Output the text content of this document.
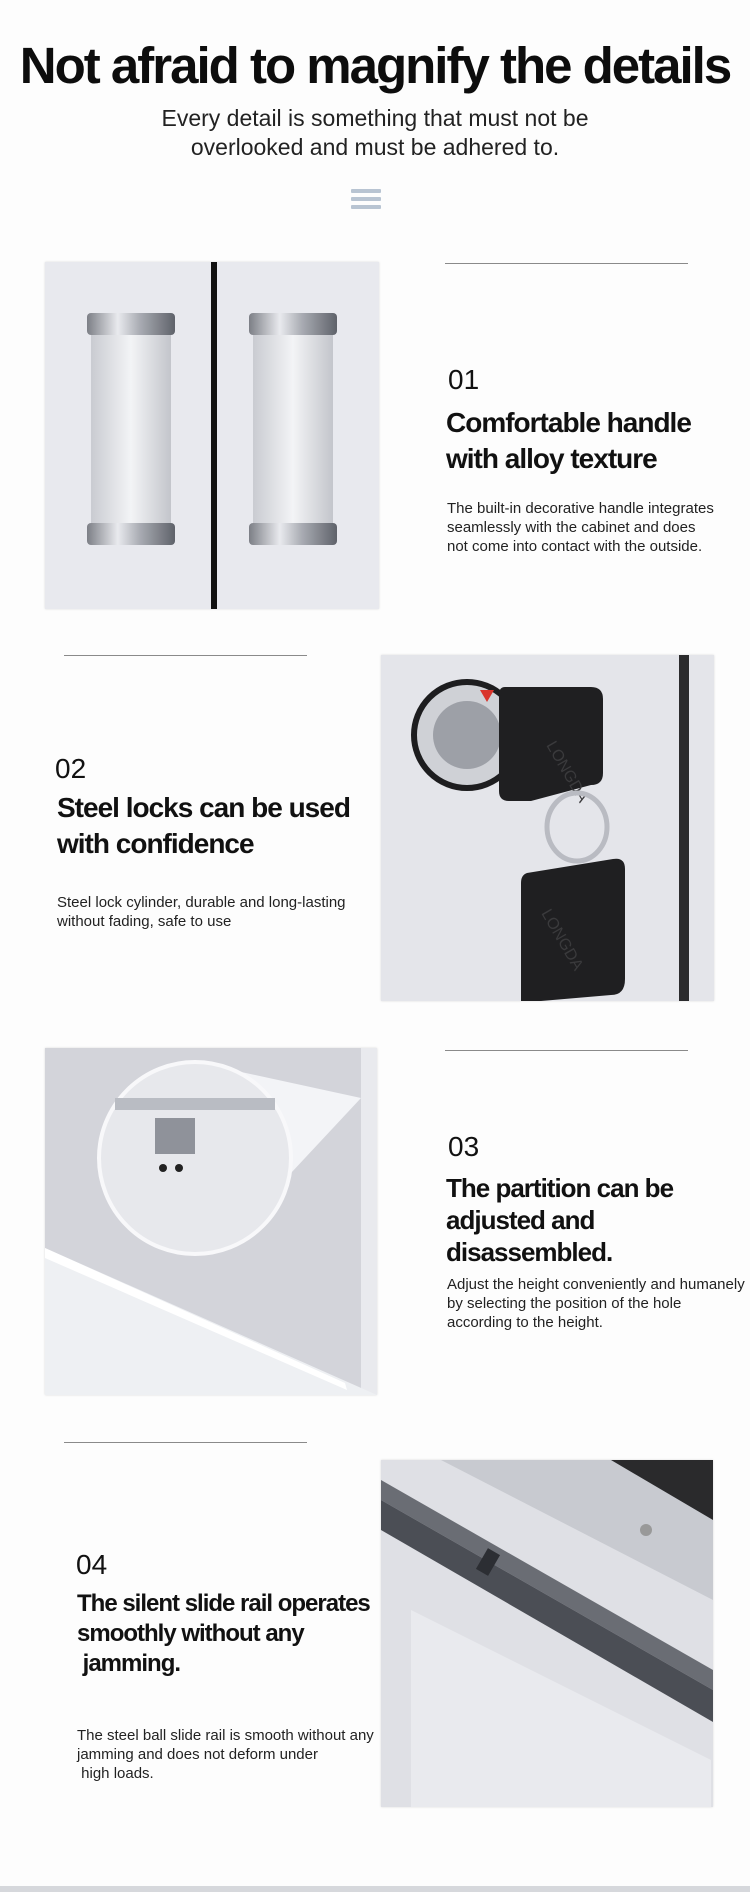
Not afraid to magnify the details
Every detail is something that must not be
overlooked and must be adhered to.
01
Comfortable handle
with alloy texture
The built-in decorative handle integrates
seamlessly with the cabinet and does
not come into contact with the outside.
02
Steel locks can be used
with confidence
Steel lock cylinder, durable and long-lasting
without fading, safe to use
LONGDA
LONGDA
03
The partition can be
adjusted and disassembled.
Adjust the height conveniently and humanely
by selecting the position of the hole
according to the height.
04
The silent slide rail operates
smoothly without any
jamming.
The steel ball slide rail is smooth without any
jamming and does not deform under
high loads.
